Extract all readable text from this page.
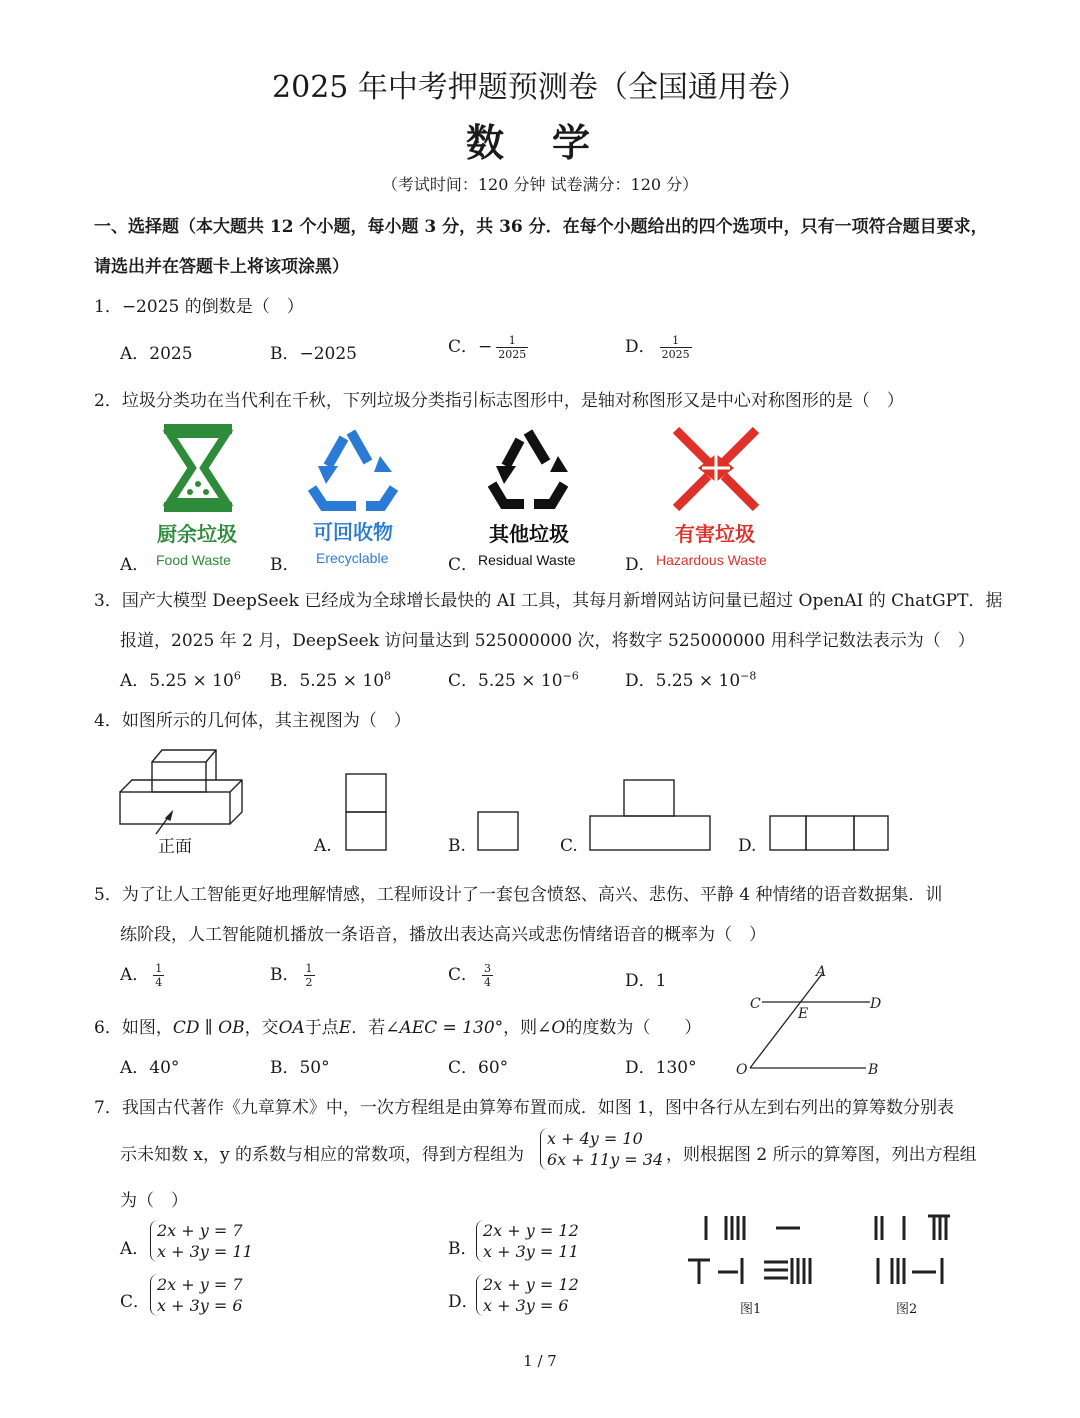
2025 年中考押题预测卷（全国通用卷）
数学
（考试时间：120 分钟 试卷满分：120 分）
一、选择题（本大题共 12 个小题，每小题 3 分，共 36 分．在每个小题给出的四个选项中，只有一项符合题目要求，
请选出并在答题卡上将该项涂黑）
1．−2025 的倒数是（　）
A．2025	B．−2025	C．− $\frac{1}{2025}$	D． $\frac{1}{2025}$
2．垃圾分类功在当代利在千秋，下列垃圾分类指引标志图形中，是轴对称图形又是中心对称图形的是（　）
厨余垃圾	可回收物	其他垃圾	有害垃圾
A． Food Waste B． Erecyclable	C． Residual Waste	D． Hazardous Waste
3．国产大模型 DeepSeek 已经成为全球增长最快的 AI 工具，其每月新增网站访问量已超过 OpenAI 的 ChatGPT．据
报道，2025 年 2 月，DeepSeek 访问量达到 525000000 次，将数字 525000000 用科学记数法表示为（　）
A．$5.25 \times 10^6$ B．$5.25 \times 10^8$	C．$5.25 \times 10^{-6}$	D．$5.25 \times 10^{-8}$
4．如图所示的几何体，其主视图为（　）
正面	A.	B.	C.	D.
5．为了让人工智能更好地理解情感，工程师设计了一套包含愤怒、高兴、悲伤、平静 4 种情绪的语音数据集．训
练阶段，人工智能随机播放一条语音，播放出表达高兴或悲伤情绪语音的概率为（　）
A． $\frac{1}{4}$	B． $\frac{1}{2}$	C． $\frac{3}{4}$	D．1
6．如图，CD ∥ OB，交OA于点E．若∠AEC = 130°，则∠O的度数为（　　）
A．40°	B．50°	C．60°	D．130°
A
C	D
E
O	B
7．我国古代著作《九章算术》中，一次方程组是由算筹布置而成．如图 1，图中各行从左到右列出的算筹数分别表
示未知数 x，y 的系数与相应的常数项，得到方程组为
x + 4y = 10
6x + 11y = 34 ，则根据图 2 所示的算筹图，列出方程组
为（　）
A．
2x + y = 7
x + 3y = 11	B．
2x + y = 12
x + 3y = 11
C．
2x + y = 7
x + 3y = 6	D．
2x + y = 12
x + 3y = 6	图1	图2
1 / 7
